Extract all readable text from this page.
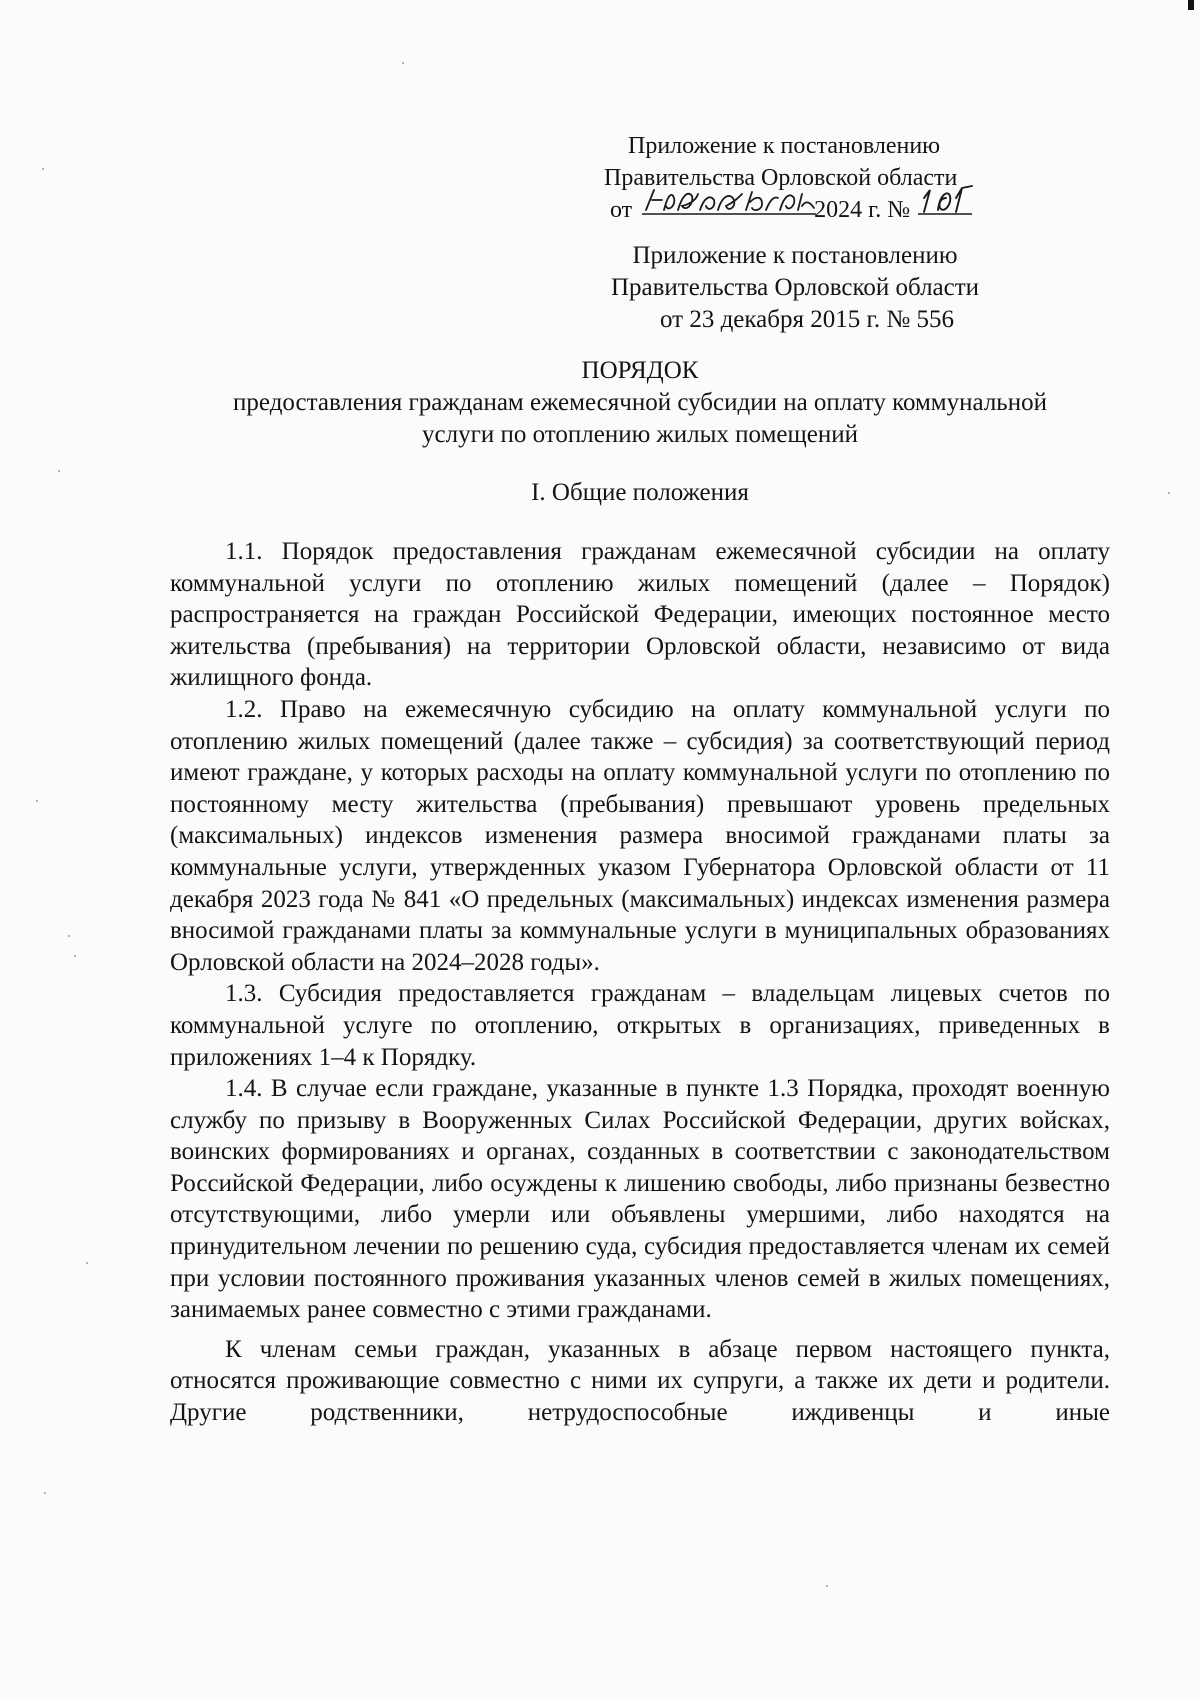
Приложение к постановлению
Правительства Орловской области
от	2024 г. №
Приложение к постановлению
Правительства Орловской области
от 23 декабря 2015 г. № 556
ПОРЯДОК
предоставления гражданам ежемесячной субсидии на оплату коммунальной
услуги по отоплению жилых помещений
I. Общие положения

1.1. Порядок предоставления гражданам ежемесячной субсидии на оплату коммунальной услуги по отоплению жилых помещений (далее – Порядок) распространяется на граждан Российской Федерации, имеющих постоянное место жительства (пребывания) на территории Орловской области, независимо от вида жилищного фонда.

1.2. Право на ежемесячную субсидию на оплату коммунальной услуги по отоплению жилых помещений (далее также – субсидия) за соответствующий период имеют граждане, у которых расходы на оплату коммунальной услуги по отоплению по постоянному месту жительства (пребывания) превышают уровень предельных (максимальных) индексов изменения размера вносимой гражданами платы за коммунальные услуги, утвержденных указом Губернатора Орловской области от 11 декабря 2023 года № 841 «О предельных (максимальных) индексах изменения размера вносимой гражданами платы за коммунальные услуги в муниципальных образованиях Орловской области на 2024–2028 годы».

1.3. Субсидия предоставляется гражданам – владельцам лицевых счетов по коммунальной услуге по отоплению, открытых в организациях, приведенных в приложениях 1–4 к Порядку.

1.4. В случае если граждане, указанные в пункте 1.3 Порядка, проходят военную службу по призыву в Вооруженных Силах Российской Федерации, других войсках, воинских формированиях и органах, созданных в соответствии с законодательством Российской Федерации, либо осуждены к лишению свободы, либо признаны безвестно отсутствующими, либо умерли или объявлены умершими, либо находятся на принудительном лечении по решению суда, субсидия предоставляется членам их семей при условии постоянного проживания указанных членов семей в жилых помещениях, занимаемых ранее совместно с этими гражданами.

К членам семьи граждан, указанных в абзаце первом настоящего пункта, относятся проживающие совместно с ними их супруги, а также их дети и родители. Другие родственники, нетрудоспособные иждивенцы и иные
